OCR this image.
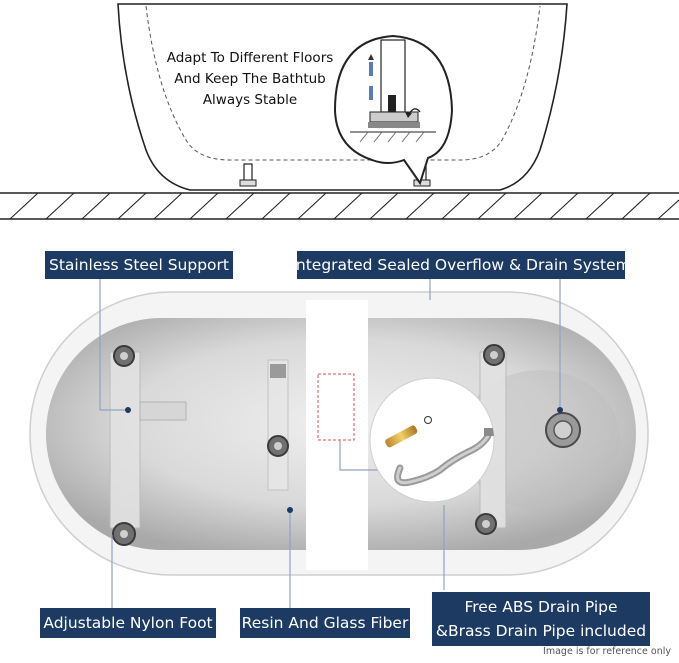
Adapt To Different Floors
And Keep The Bathtub
Always Stable
Stainless Steel Support	Integrated Sealed Overflow & Drain System
Adjustable Nylon Foot Resin And Glass Fiber
Free ABS Drain Pipe
&Brass Drain Pipe included
Image is for reference only
